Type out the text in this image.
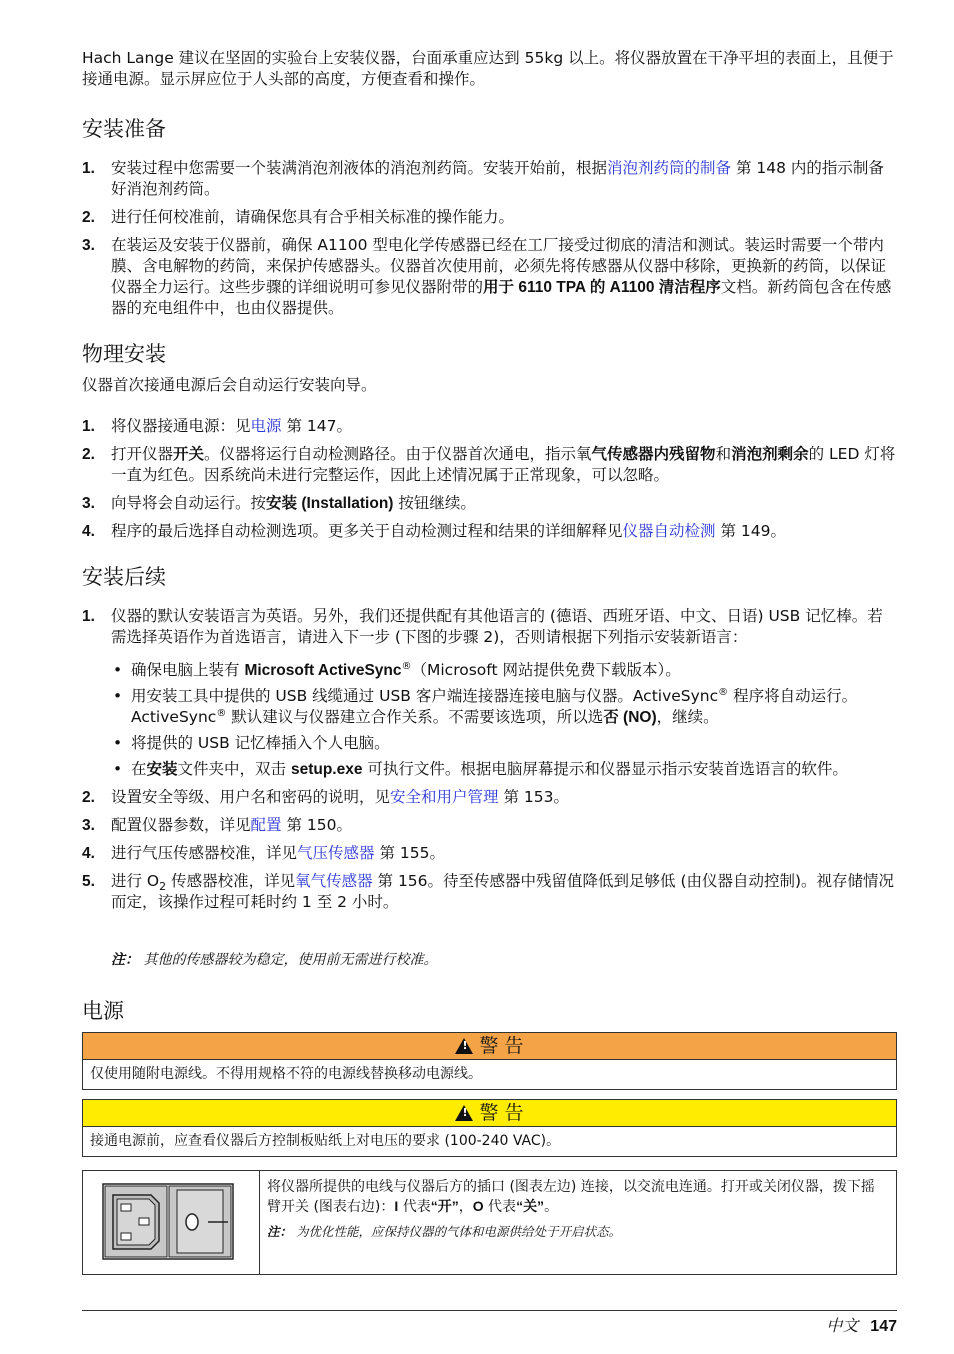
Hach Lange 建议在坚固的实验台上安装仪器，台面承重应达到 55kg 以上。将仪器放置在干净平坦的表面上，且便于接通电源。显示屏应位于人头部的高度，方便查看和操作。

安装准备
1. 安装过程中您需要一个装满消泡剂液体的消泡剂药筒。安装开始前，根据消泡剂药筒的制备 第 148 内的指示制备好消泡剂药筒。
2. 进行任何校准前，请确保您具有合乎相关标准的操作能力。
3. 在装运及安装于仪器前，确保 A1100 型电化学传感器已经在工厂接受过彻底的清洁和测试。装运时需要一个带内膜、含电解物的药筒，来保护传感器头。仪器首次使用前，必须先将传感器从仪器中移除，更换新的药筒，以保证仪器全力运行。这些步骤的详细说明可参见仪器附带的用于 6110 TPA 的 A1100 清洁程序文档。新药筒包含在传感器的充电组件中，也由仪器提供。
物理安装

仪器首次接通电源后会自动运行安装向导。

1. 将仪器接通电源：见电源 第 147。
2. 打开仪器开关。仪器将运行自动检测路径。由于仪器首次通电，指示氧气传感器内残留物和消泡剂剩余的 LED 灯将一直为红色。因系统尚未进行完整运作，因此上述情况属于正常现象，可以忽略。
3. 向导将会自动运行。按安装 (Installation) 按钮继续。
4. 程序的最后选择自动检测选项。更多关于自动检测过程和结果的详细解释见仪器自动检测 第 149。
安装后续
1. 仪器的默认安装语言为英语。另外，我们还提供配有其他语言的 (德语、西班牙语、中文、日语) USB 记忆棒。若需选择英语作为首选语言，请进入下一步 (下图的步骤 2)，否则请根据下列指示安装新语言：
• 确保电脑上装有 Microsoft ActiveSync®（Microsoft 网站提供免费下载版本）。
• 用安装工具中提供的 USB 线缆通过 USB 客户端连接器连接电脑与仪器。ActiveSync® 程序将自动运行。ActiveSync® 默认建议与仪器建立合作关系。不需要该选项，所以选否 (NO)，继续。
• 将提供的 USB 记忆棒插入个人电脑。
• 在安装文件夹中，双击 setup.exe 可执行文件。根据电脑屏幕提示和仪器显示指示安装首选语言的软件。
2. 设置安全等级、用户名和密码的说明，见安全和用户管理 第 153。
3. 配置仪器参数，详见配置 第 150。
4. 进行气压传感器校准，详见气压传感器 第 155。
5. 进行 $O_2$ 传感器校准，详见氧气传感器 第 156。待至传感器中残留值降低到足够低 (由仪器自动控制)。视存储情况而定，该操作过程可耗时约 1 至 2 小时。

注： 其他的传感器较为稳定，使用前无需进行校准。

电源
!警 告
仅使用随附电源线。不得用规格不符的电源线替换移动电源线。
!警 告
接通电源前，应查看仪器后方控制板贴纸上对电压的要求 (100-240 VAC)。
将仪器所提供的电线与仪器后方的插口 (图表左边) 连接，以交流电连通。打开或关闭仪器，拨下摇臂开关 (图表右边)：I 代表“开”，O 代表“关”。
注： 为优化性能，应保持仪器的气体和电源供给处于开启状态。
中文 147
